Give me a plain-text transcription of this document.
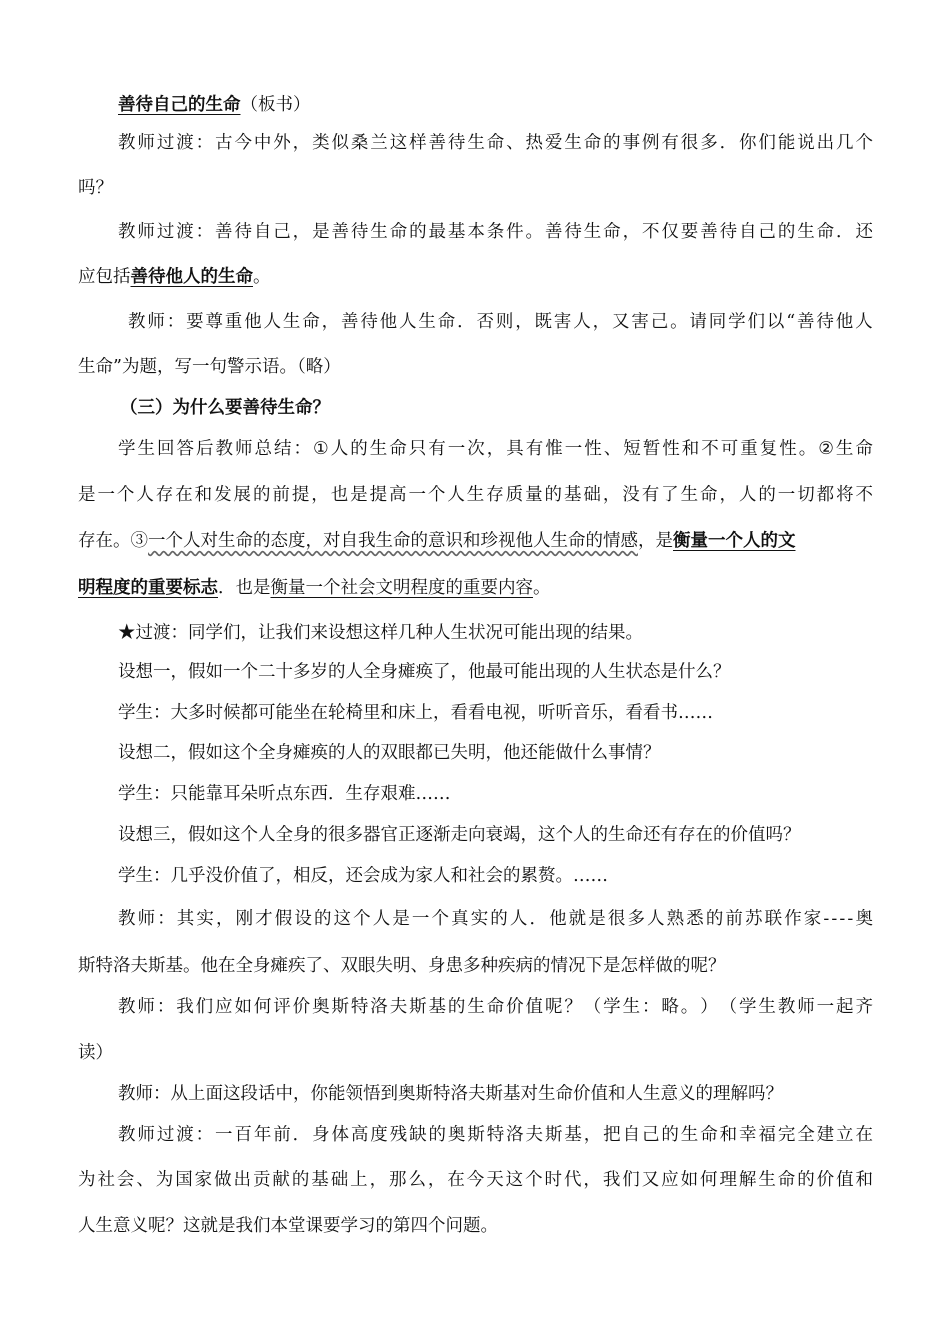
善待自己的生命（板书）
教 师 过 渡 ： 古 今 中 外 ， 类 似 桑 兰 这 样 善 待 生 命 、 热 爱 生 命 的 事 例 有 很 多 ． 你 们 能 说 出 几 个
吗？
教 师 过 渡 ： 善 待 自 己 ， 是 善 待 生 命 的 最 基 本 条 件 。 善 待 生 命 ， 不 仅 要 善 待 自 己 的 生 命 ． 还
应包括善待他人的生命。
教 师 ： 要 尊 重 他 人 生 命 ， 善 待 他 人 生 命 ． 否 则 ， 既 害 人 ， 又 害 己 。 请 同 学 们 以 “ 善 待 他 人
生命”为题，写一句警示语。（略）
（三）为什么要善待生命？
学 生 回 答 后 教 师 总 结 ： ① 人 的 生 命 只 有 一 次 ， 具 有 惟 一 性 、 短 暂 性 和 不 可 重 复 性 。 ② 生 命
是 一 个 人 存 在 和 发 展 的 前 提 ， 也 是 提 高 一 个 人 生 存 质 量 的 基 础 ， 没 有 了 生 命 ， 人 的 一 切 都 将 不
存在。③一个人对生命的态度，对自我生命的意识和珍视他人生命的情感，是衡量一个人的文
明程度的重要标志．也是衡量一个社会文明程度的重要内容。
★过渡：同学们，让我们来设想这样几种人生状况可能出现的结果。
设想一，假如一个二十多岁的人全身瘫痪了，他最可能出现的人生状态是什么？
学生：大多时候都可能坐在轮椅里和床上，看看电视，听听音乐，看看书……
设想二，假如这个全身瘫痪的人的双眼都已失明，他还能做什么事情？
学生：只能靠耳朵听点东西．生存艰难……
设想三，假如这个人全身的很多器官正逐渐走向衰竭，这个人的生命还有存在的价值吗？
学生：几乎没价值了，相反，还会成为家人和社会的累赘。……
教 师 ： 其 实 ， 刚 才 假 设 的 这 个 人 是 一 个 真 实 的 人 ． 他 就 是 很 多 人 熟 悉 的 前 苏 联 作 家 - - - - 奥
斯特洛夫斯基。他在全身瘫疾了、双眼失明、身患多种疾病的情况下是怎样做的呢？
教 师 ： 我 们 应 如 何 评 价 奥 斯 特 洛 夫 斯 基 的 生 命 价 值 呢 ？ （ 学 生 ： 略 。 ） （ 学 生 教 师 一 起 齐
读）
教师：从上面这段话中，你能领悟到奥斯特洛夫斯基对生命价值和人生意义的理解吗？
教 师 过 渡 ： 一 百 年 前 ． 身 体 高 度 残 缺 的 奥 斯 特 洛 夫 斯 基 ， 把 自 己 的 生 命 和 幸 福 完 全 建 立 在
为 社 会 、 为 国 家 做 出 贡 献 的 基 础 上 ， 那 么 ， 在 今 天 这 个 时 代 ， 我 们 又 应 如 何 理 解 生 命 的 价 值 和
人生意义呢？这就是我们本堂课要学习的第四个问题。
